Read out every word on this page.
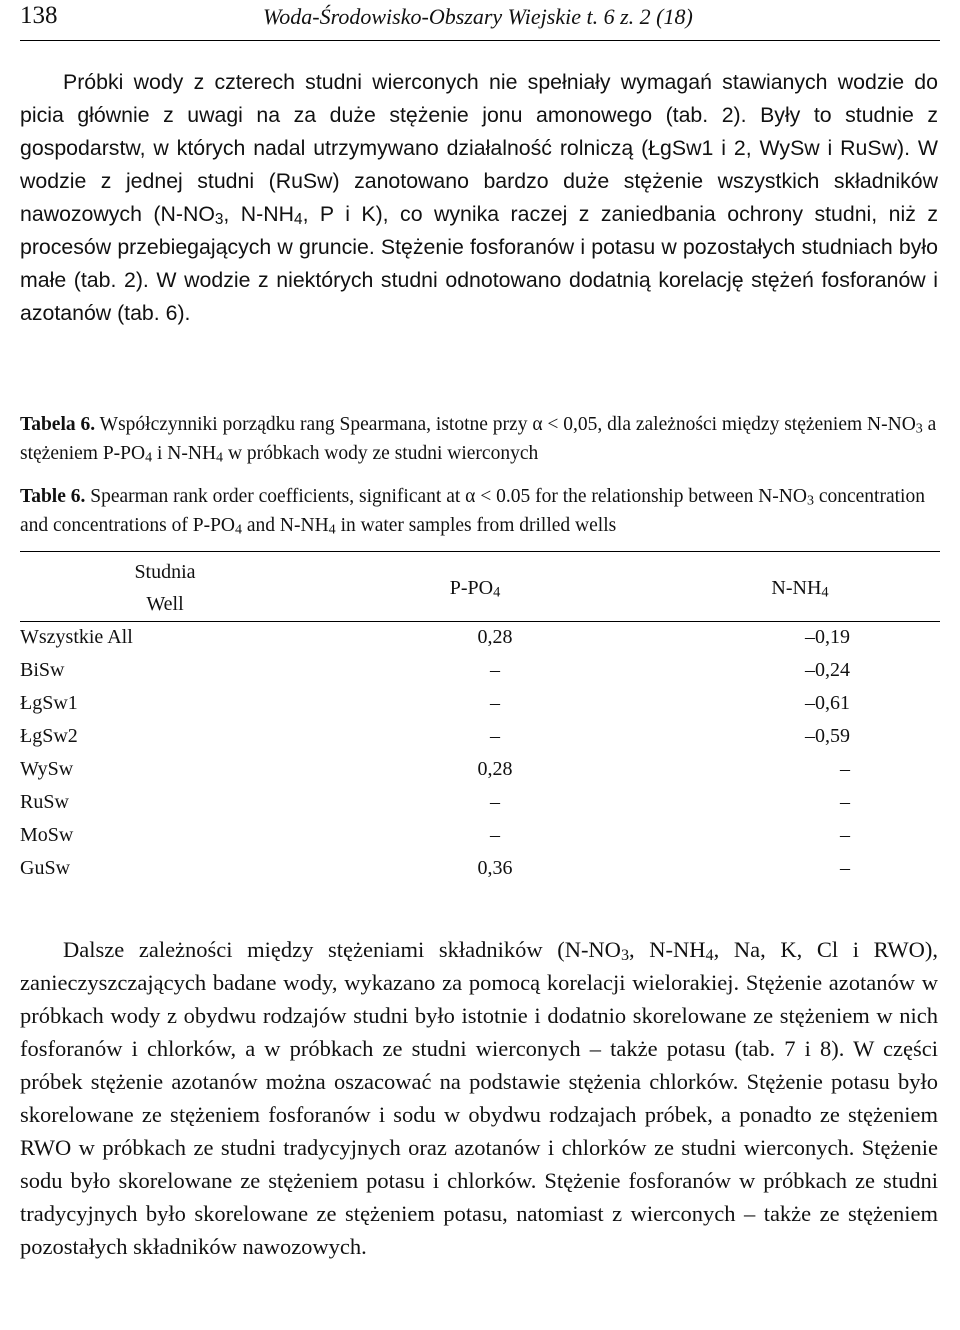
138	Woda-Środowisko-Obszary Wiejskie t. 6 z. 2 (18)

Próbki wody z czterech studni wierconych nie spełniały wymagań stawianych wodzie do picia głównie z uwagi na za duże stężenie jonu amonowego (tab. 2). Były to studnie z gospodarstw, w których nadal utrzymywano działalność rolniczą (ŁgSw1 i 2, WySw i RuSw). W wodzie z jednej studni (RuSw) zanotowano bardzo duże stężenie wszystkich składników nawozowych (N-NO3, N-NH4, P i K), co wynika raczej z zaniedbania ochrony studni, niż z procesów przebiegających w gruncie. Stężenie fosforanów i potasu w pozostałych studniach było małe (tab. 2). W wodzie z niektórych studni odnotowano dodatnią korelację stężeń fosforanów i azotanów (tab. 6).

Tabela 6. Współczynniki porządku rang Spearmana, istotne przy α < 0,05, dla zależności między stężeniem N-NO3 a stężeniem P-PO4 i N-NH4 w próbkach wody ze studni wierconych

Table 6. Spearman rank order coefficients, significant at α < 0.05 for the relationship between N-NO3 concentration and concentrations of P-PO4 and N-NH4 in water samples from drilled wells

Studnia
Well
P-PO4	N-NH4
Wszystkie All	0,28	–0,19
BiSw	–	–0,24
ŁgSw1	–	–0,61
ŁgSw2	–	–0,59
WySw	0,28	–
RuSw	–	–
MoSw	–	–
GuSw	0,36	–

Dalsze zależności między stężeniami składników (N-NO3, N-NH4, Na, K, Cl i RWO), zanieczyszczających badane wody, wykazano za pomocą korelacji wielorakiej. Stężenie azotanów w próbkach wody z obydwu rodzajów studni było istotnie i dodatnio skorelowane ze stężeniem w nich fosforanów i chlorków, a w próbkach ze studni wierconych – także potasu (tab. 7 i 8). W części próbek stężenie azotanów można oszacować na podstawie stężenia chlorków. Stężenie potasu było skorelowane ze stężeniem fosforanów i sodu w obydwu rodzajach próbek, a ponadto ze stężeniem RWO w próbkach ze studni tradycyjnych oraz azotanów i chlorków ze studni wierconych. Stężenie sodu było skorelowane ze stężeniem potasu i chlorków. Stężenie fosforanów w próbkach ze studni tradycyjnych było skorelowane ze stężeniem potasu, natomiast z wierconych – także ze stężeniem pozostałych składników nawozowych.
